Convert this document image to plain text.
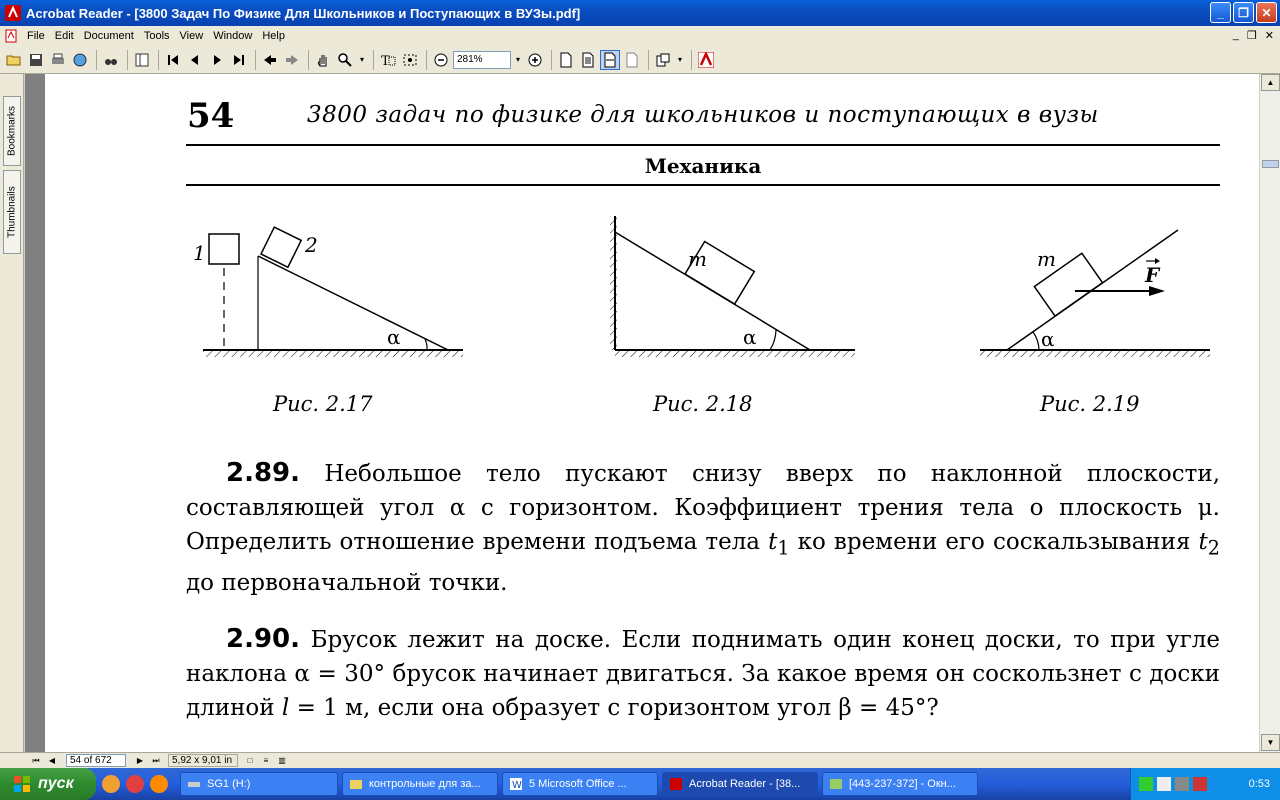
Acrobat Reader - [3800 Задач По Физике Для Школьников и Поступающих в ВУЗы.pdf]	_	❐	✕
File Edit Document Tools View Window Help	_ ❐ ✕
▾ T	281%	▾	▾
Bookmarks
Thumbnails
54	3800 задач по физике для школьников и поступающих в вузы
Механика
1	2
α
m
α
m
F
α
Рис. 2.17	Рис. 2.18	Рис. 2.19
2.89. Небольшое тело пускают снизу вверх по наклонной плоскости, составляющей угол α с горизонтом. Коэффициент трения тела о плоскость μ. Определить отношение времени подъема тела $t_1$ ко времени его соскальзывания $t_2$ до первоначальной точки.
2.90. Брусок лежит на доске. Если поднимать один конец доски, то при угле наклона α = 30° брусок начинает двигаться. За какое время он соскользнет с доски длиной l = 1 м, если она образует с горизонтом угол β = 45°?
▲
▼
⏮	◀	54 of 672	▶	⏭	5,92 x 9,01 in	□	≡	▥
пуск	SG1 (H:)	контрольные для за...	W 5 Microsoft Office ...	Acrobat Reader - [38...	[443-237-372] - Окн...	0:53
